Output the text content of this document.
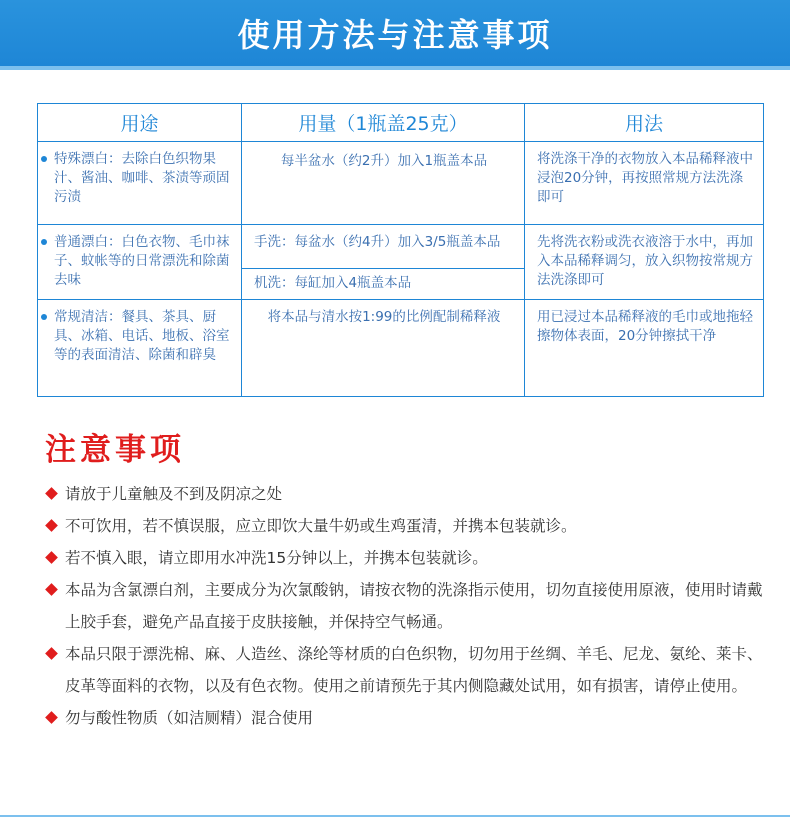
使用方法与注意事项
用途	用量（1瓶盖25克）	用法

特殊漂白：去除白色织物果汁、酱油、咖啡、茶渍等顽固污渍	每半盆水（约2升）加入1瓶盖本品	将洗涤干净的衣物放入本品稀释液中浸泡20分钟，再按照常规方法洗涤即可

普通漂白：白色衣物、毛巾袜子、蚊帐等的日常漂洗和除菌去味	手洗：每盆水（约4升）加入3/5瓶盖本品	先将洗衣粉或洗衣液溶于水中，再加入本品稀释调匀，放入织物按常规方法洗涤即可

	机洗：每缸加入4瓶盖本品	

常规清洁：餐具、茶具、厨具、冰箱、电话、地板、浴室等的表面清洁、除菌和辟臭	将本品与清水按1:99的比例配制稀释液	用已浸过本品稀释液的毛巾或地拖轻擦物体表面，20分钟擦拭干净
注意事项
请放于儿童触及不到及阴凉之处
不可饮用，若不慎误服，应立即饮大量牛奶或生鸡蛋清，并携本包装就诊。
若不慎入眼，请立即用水冲洗15分钟以上，并携本包装就诊。
本品为含氯漂白剂，主要成分为次氯酸钠，请按衣物的洗涤指示使用，切勿直接使用原液，使用时请戴上胶手套，避免产品直接于皮肤接触，并保持空气畅通。
本品只限于漂洗棉、麻、人造丝、涤纶等材质的白色织物，切勿用于丝绸、羊毛、尼龙、氨纶、莱卡、皮革等面料的衣物，以及有色衣物。使用之前请预先于其内侧隐藏处试用，如有损害，请停止使用。
勿与酸性物质（如洁厕精）混合使用
